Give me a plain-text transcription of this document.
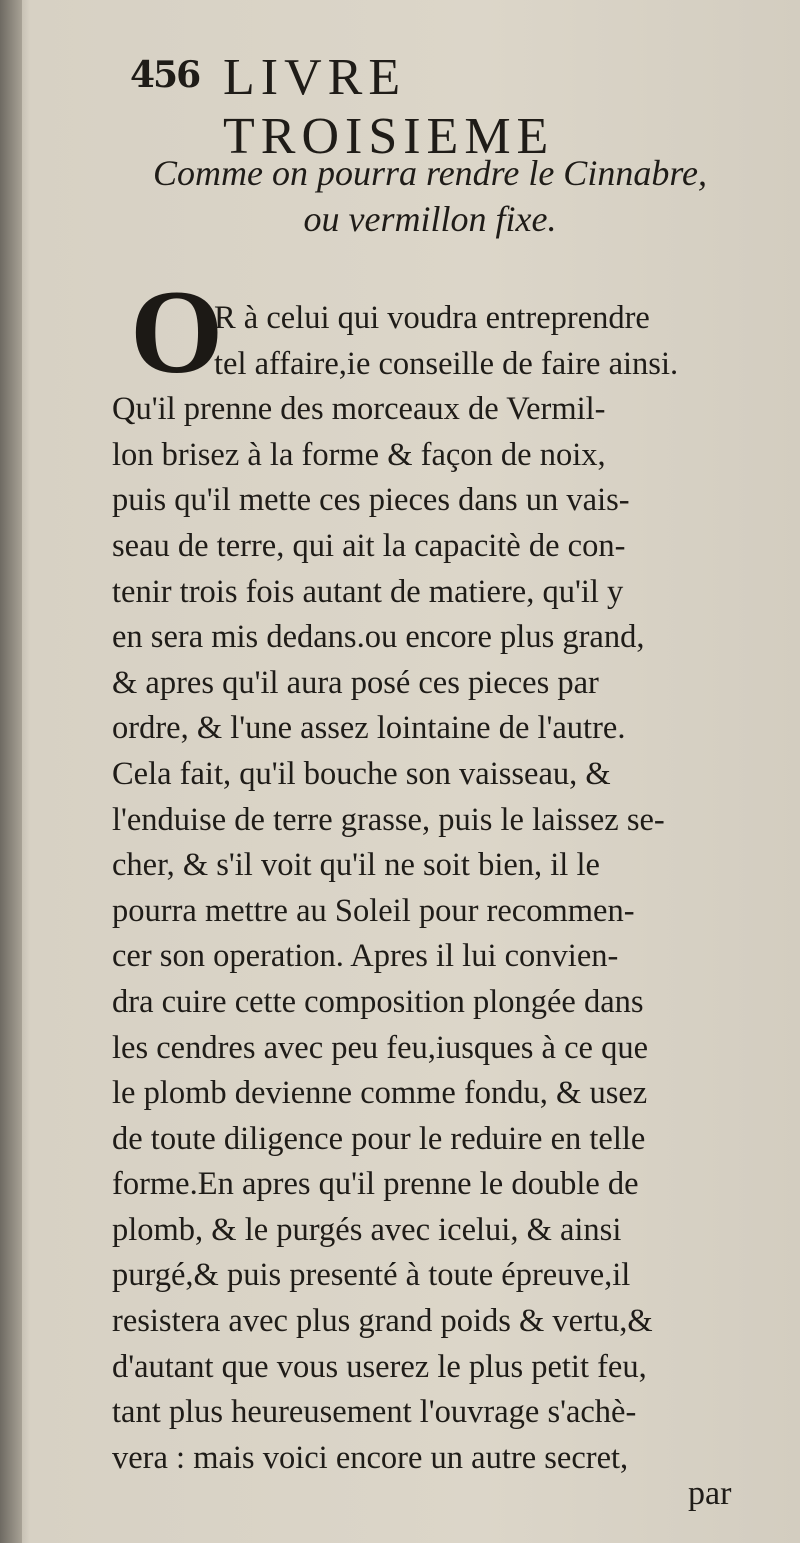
456 LIVRE TROISIEME
Comme on pourra rendre le Cinnabre,
ou vermillon fixe.
O
R à celui qui voudra entreprendre
tel affaire,ie conseille de faire ainsi.
Qu'il prenne des morceaux de Vermil-
lon brisez à la forme & façon de noix,
puis qu'il mette ces pieces dans un vais-
seau de terre, qui ait la capacitè de con-
tenir trois fois autant de matiere, qu'il y
en sera mis dedans.ou encore plus grand,
& apres qu'il aura posé ces pieces par
ordre, & l'une assez lointaine de l'autre.
Cela fait, qu'il bouche son vaisseau, &
l'enduise de terre grasse, puis le laissez se-
cher, & s'il voit qu'il ne soit bien, il le
pourra mettre au Soleil pour recommen-
cer son operation. Apres il lui convien-
dra cuire cette composition plongée dans
les cendres avec peu feu,iusques à ce que
le plomb devienne comme fondu, & usez
de toute diligence pour le reduire en telle
forme.En apres qu'il prenne le double de
plomb, & le purgés avec icelui, & ainsi
purgé,& puis presenté à toute épreuve,il
resistera avec plus grand poids & vertu,&
d'autant que vous userez le plus petit feu,
tant plus heureusement l'ouvrage s'achè-
vera : mais voici encore un autre secret,
par
